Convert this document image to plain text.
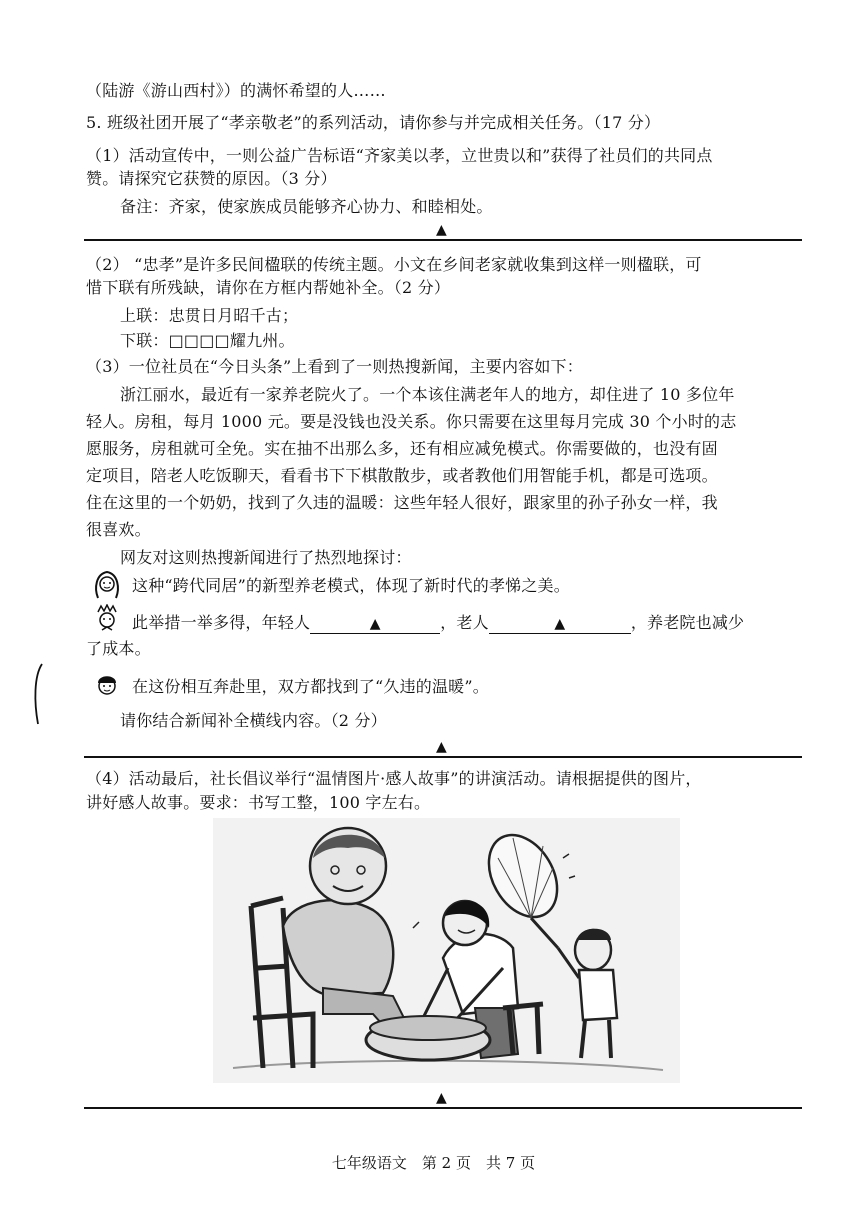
（陆游《游山西村》）的满怀希望的人……
5. 班级社团开展了“孝亲敬老”的系列活动，请你参与并完成相关任务。（17 分）
（1）活动宣传中，一则公益广告标语“齐家美以孝，立世贵以和”获得了社员们的共同点
赞。请探究它获赞的原因。（3 分）
备注：齐家，使家族成员能够齐心协力、和睦相处。
▲
（2） “忠孝”是许多民间楹联的传统主题。小文在乡间老家就收集到这样一则楹联，可
惜下联有所残缺，请你在方框内帮她补全。（2 分）
上联：忠贯日月昭千古；
下联：□□□□耀九州。
（3）一位社员在“今日头条”上看到了一则热搜新闻，主要内容如下：
浙江丽水，最近有一家养老院火了。一个本该住满老年人的地方，却住进了 10 多位年
轻人。房租，每月 1000 元。要是没钱也没关系。你只需要在这里每月完成 30 个小时的志
愿服务，房租就可全免。实在抽不出那么多，还有相应减免模式。你需要做的，也没有固
定项目，陪老人吃饭聊天，看看书下下棋散散步，或者教他们用智能手机，都是可选项。
住在这里的一个奶奶，找到了久违的温暖：这些年轻人很好，跟家里的孙子孙女一样，我
很喜欢。
网友对这则热搜新闻进行了热烈地探讨：
这种“跨代同居”的新型养老模式，体现了新时代的孝悌之美。
此举措一举多得，年轻人	▲	，老人	▲	，养老院也减少
了成本。
在这份相互奔赴里，双方都找到了“久违的温暖”。
请你结合新闻补全横线内容。（2 分）
▲
（4）活动最后，社长倡议举行“温情图片·感人故事”的讲演活动。请根据提供的图片，
讲好感人故事。要求：书写工整，100 字左右。
▲
七年级语文　第 2 页　共 7 页
